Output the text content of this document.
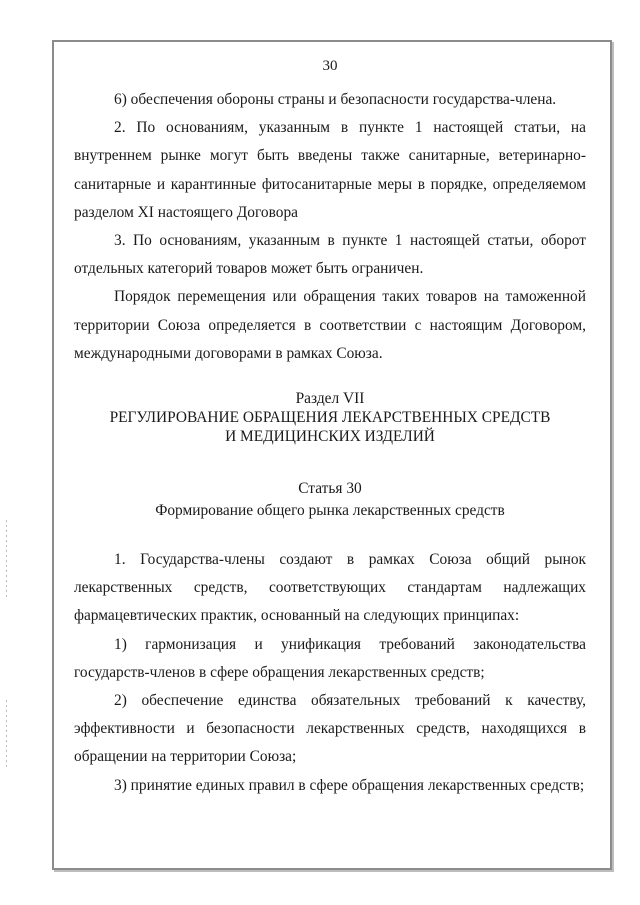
30

6) обеспечения обороны страны и безопасности государства-члена.

2. По основаниям, указанным в пункте 1 настоящей статьи, на внутреннем рынке могут быть введены также санитарные, ветеринарно-санитарные и карантинные фитосанитарные меры в порядке, определяемом разделом XI настоящего Договора

3. По основаниям, указанным в пункте 1 настоящей статьи, оборот отдельных категорий товаров может быть ограничен.

Порядок перемещения или обращения таких товаров на таможенной территории Союза определяется в соответствии с настоящим Договором, международными договорами в рамках Союза.

Раздел VII
РЕГУЛИРОВАНИЕ ОБРАЩЕНИЯ ЛЕКАРСТВЕННЫХ СРЕДСТВ
И МЕДИЦИНСКИХ ИЗДЕЛИЙ
Статья 30
Формирование общего рынка лекарственных средств

1. Государства-члены создают в рамках Союза общий рынок лекарственных средств, соответствующих стандартам надлежащих фармацевтических практик, основанный на следующих принципах:

1) гармонизация и унификация требований законодательства государств-членов в сфере обращения лекарственных средств;

2) обеспечение единства обязательных требований к качеству, эффективности и безопасности лекарственных средств, находящихся в обращении на территории Союза;

3) принятие единых правил в сфере обращения лекарственных средств;
